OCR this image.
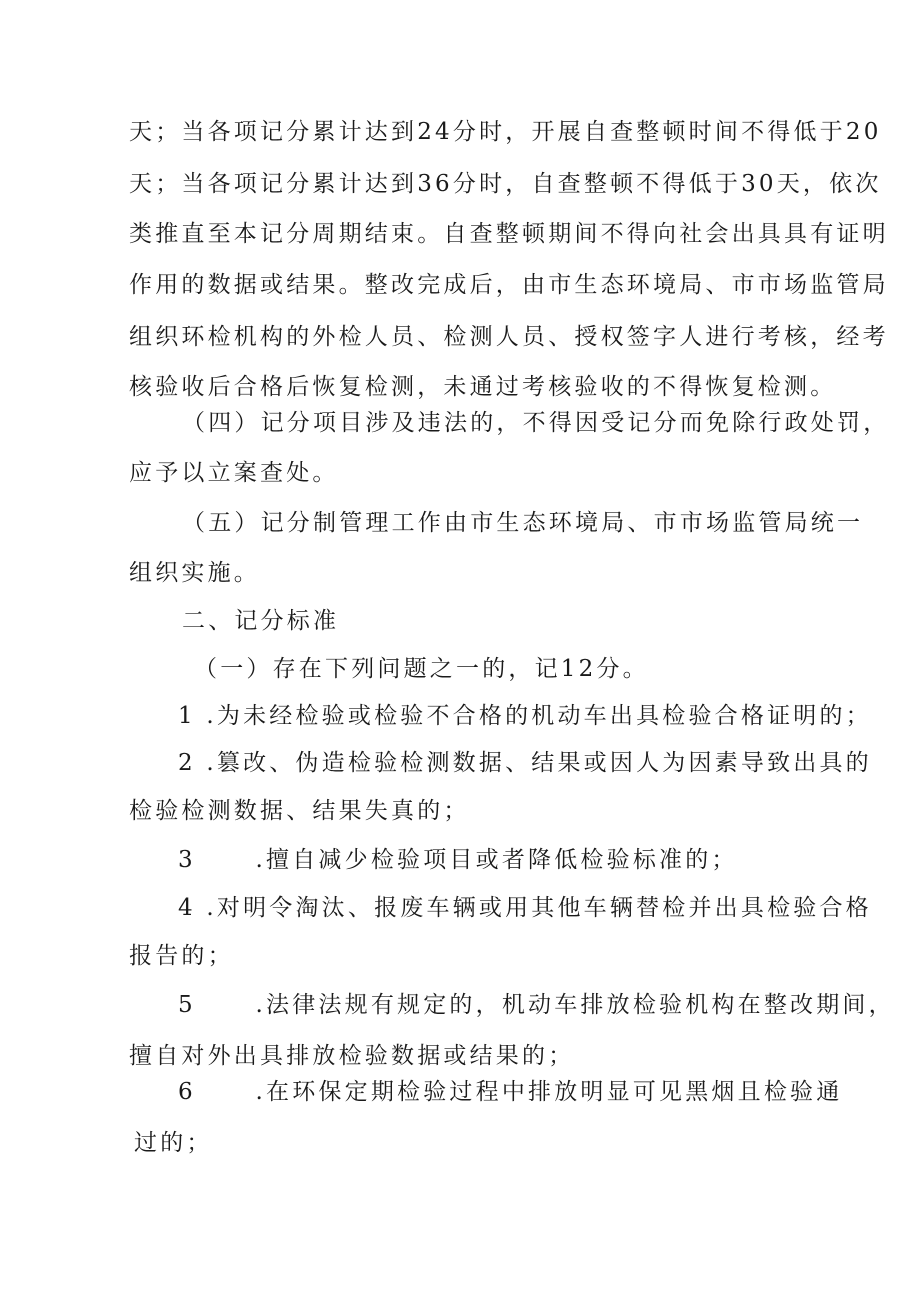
天；当各项记分累计达到24分时，开展自查整顿时间不得低于20
天；当各项记分累计达到36分时，自查整顿不得低于30天，依次
类推直至本记分周期结束。自查整顿期间不得向社会出具具有证明
作用的数据或结果。整改完成后，由市生态环境局、市市场监管局
组织环检机构的外检人员、检测人员、授权签字人进行考核，经考
核验收后合格后恢复检测，未通过考核验收的不得恢复检测。
（四）记分项目涉及违法的，不得因受记分而免除行政处罚，
应予以立案查处。
（五）记分制管理工作由市生态环境局、市市场监管局统一
组织实施。
二、记分标准
（一）存在下列问题之一的，记12分。
1 .为未经检验或检验不合格的机动车出具检验合格证明的；
2 .篡改、伪造检验检测数据、结果或因人为因素导致出具的
检验检测数据、结果失真的；
3	.擅自减少检验项目或者降低检验标准的；
4 .对明令淘汰、报废车辆或用其他车辆替检并出具检验合格
报告的；
5	.法律法规有规定的，机动车排放检验机构在整改期间，
擅自对外出具排放检验数据或结果的；
6	.在环保定期检验过程中排放明显可见黑烟且检验通
过的；
